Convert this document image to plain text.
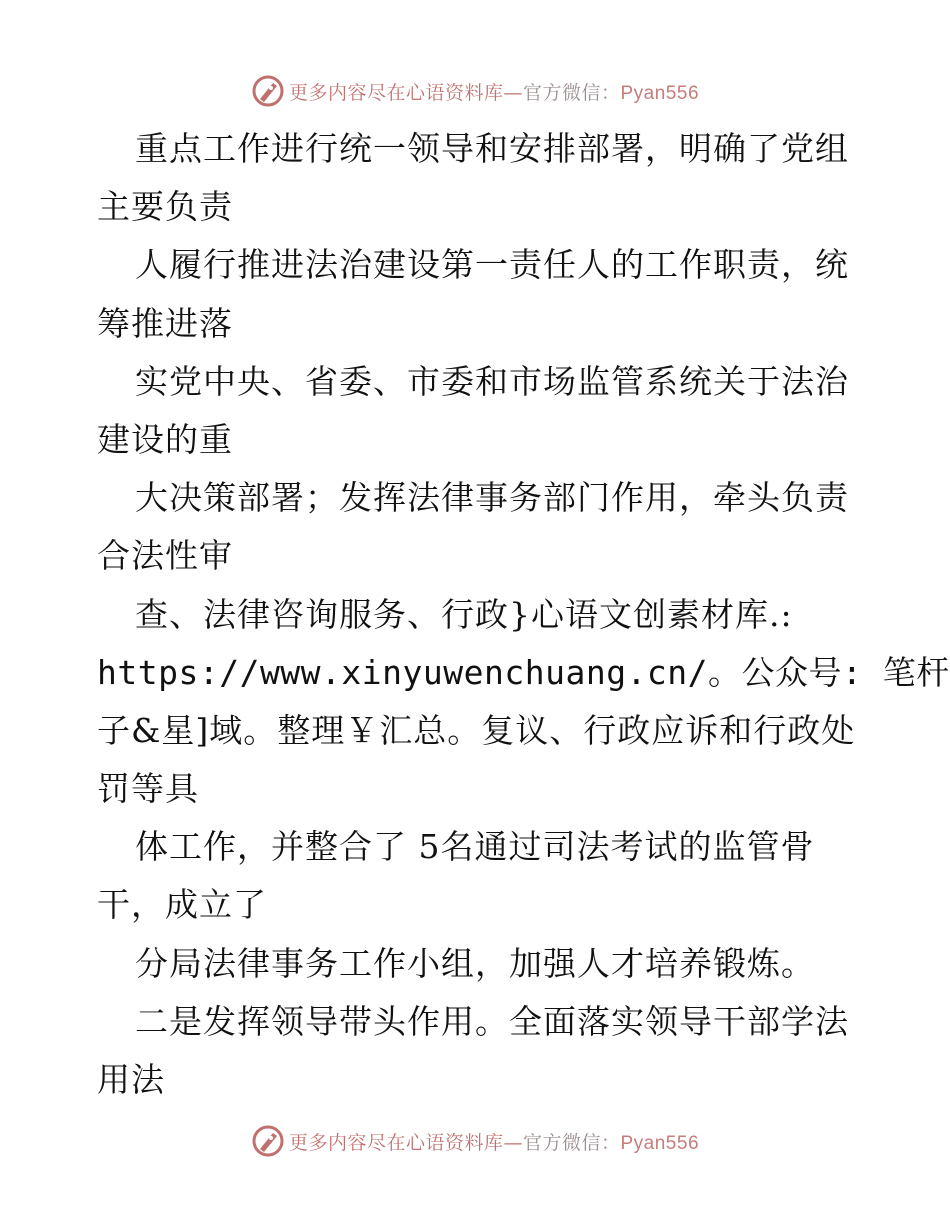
更多内容尽在心语资料库—官方微信：Pyan556
重点工作进行统一领导和安排部署，明确了党组
主要负责
人履行推进法治建设第一责任人的工作职责，统
筹推进落
实党中央、省委、市委和市场监管系统关于法治
建设的重
大决策部署；发挥法律事务部门作用，牵头负责
合法性审
查、法律咨询服务、行政}心语文创素材库.:
https://www.xinyuwenchuang.cn/。公众号: 笔杆
子&星]域。整理￥汇总。复议、行政应诉和行政处
罚等具
体工作，并整合了 5名通过司法考试的监管骨
干，成立了
分局法律事务工作小组，加强人才培养锻炼。
二是发挥领导带头作用。全面落实领导干部学法
用法
更多内容尽在心语资料库—官方微信：Pyan556
